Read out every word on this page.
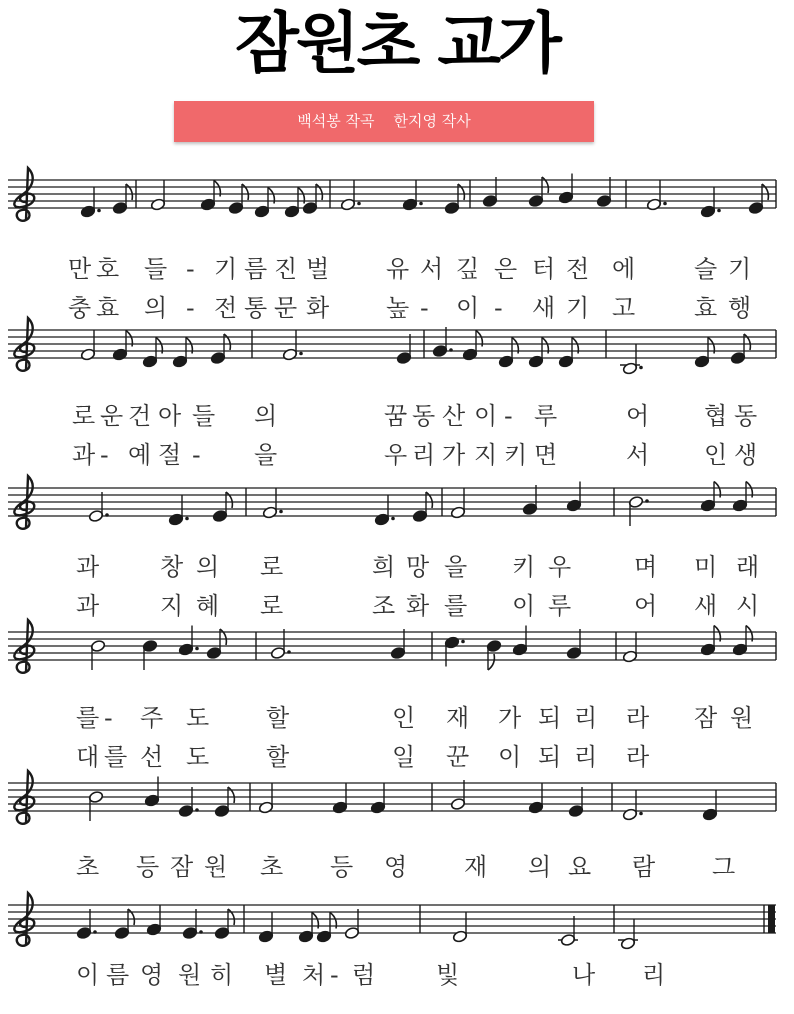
잠원초 교가
백석봉 작곡    한지영 작사
만 호 들 - 기 름 진 벌 유 서 깊 은 터 전 에 슬 기
충 효 의 - 전 통 문 화 높 - 이 - 새 기 고 효 행
로 운 건 아 들 의	꿈 동 산 이 - 루	어 협 동
과 - 예 절 - 을	우 리 가 지 키 면	서 인 생
과	창 의 로	희 망 을 키 우	며 미 래
과	지 혜 로	조 화 를 이 루	어 새 시
를 - 주 도 할	인 재 가 되 리 라 잠 원
대 를 선 도 할	일 꾼 이 되 리 라
초 등 잠 원 초 등 영 재 의 요 람 그
이 름 영 원 히 별 처 - 럼	빛	나 리
